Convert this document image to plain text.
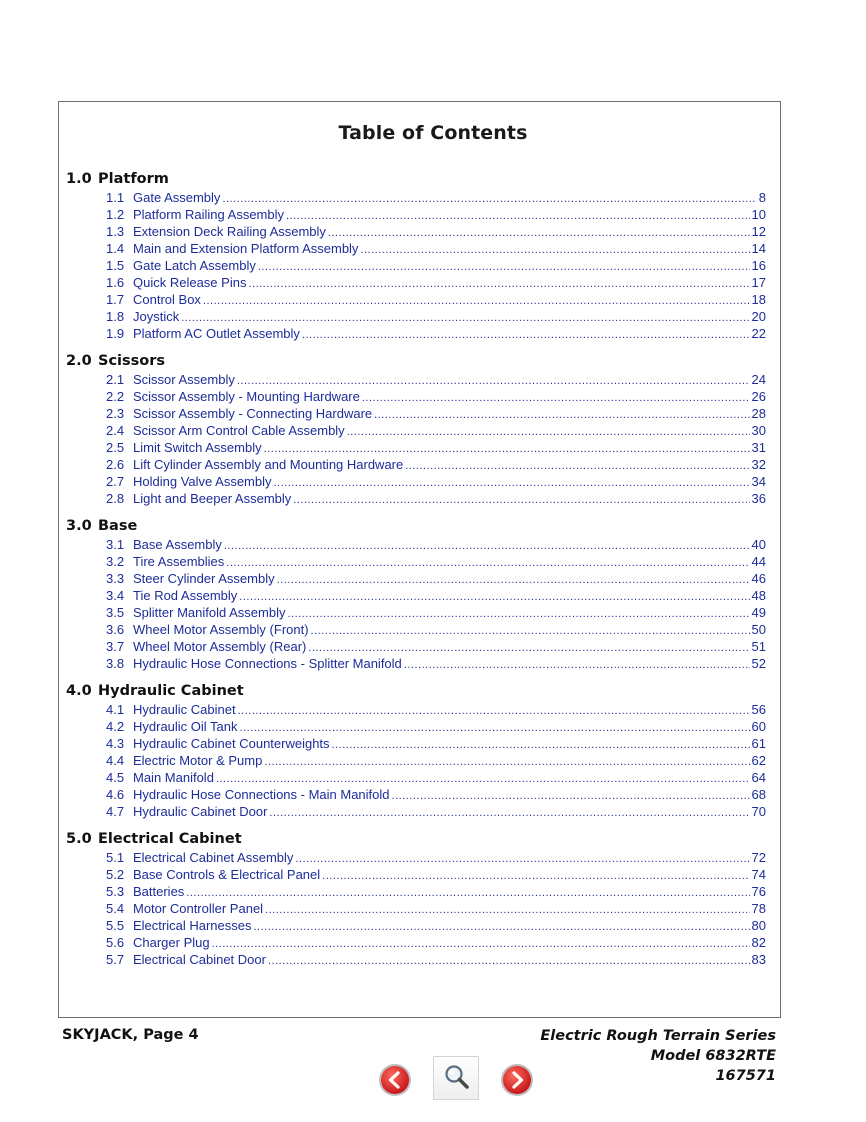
Table of Contents
1.0 Platform
1.1 Gate Assembly .....	8
1.2 Platform Railing Assembly .....	10
1.3 Extension Deck Railing Assembly .....	12
1.4 Main and Extension Platform Assembly .....	14
1.5 Gate Latch Assembly .....	16
1.6 Quick Release Pins .....	17
1.7 Control Box .....	18
1.8 Joystick .....	20
1.9 Platform AC Outlet Assembly .....	22
2.0 Scissors
2.1 Scissor Assembly .....	24
2.2 Scissor Assembly - Mounting Hardware .....	26
2.3 Scissor Assembly - Connecting Hardware .....	28
2.4 Scissor Arm Control Cable Assembly .....	30
2.5 Limit Switch Assembly .....	31
2.6 Lift Cylinder Assembly and Mounting Hardware .....	32
2.7 Holding Valve Assembly .....	34
2.8 Light and Beeper Assembly .....	36
3.0 Base
3.1 Base Assembly .....	40
3.2 Tire Assemblies .....	44
3.3 Steer Cylinder Assembly .....	46
3.4 Tie Rod Assembly .....	48
3.5 Splitter Manifold Assembly .....	49
3.6 Wheel Motor Assembly (Front) .....	50
3.7 Wheel Motor Assembly (Rear) .....	51
3.8 Hydraulic Hose Connections - Splitter Manifold .....	52
4.0 Hydraulic Cabinet
4.1 Hydraulic Cabinet .....	56
4.2 Hydraulic Oil Tank .....	60
4.3 Hydraulic Cabinet Counterweights .....	61
4.4 Electric Motor & Pump .....	62
4.5 Main Manifold .....	64
4.6 Hydraulic Hose Connections - Main Manifold .....	68
4.7 Hydraulic Cabinet Door .....	70
5.0 Electrical Cabinet
5.1 Electrical Cabinet Assembly .....	72
5.2 Base Controls & Electrical Panel .....	74
5.3 Batteries .....	76
5.4 Motor Controller Panel .....	78
5.5 Electrical Harnesses .....	80
5.6 Charger Plug .....	82
5.7 Electrical Cabinet Door .....	83
SKYJACK, Page 4	Electric Rough Terrain Series
Model 6832RTE
167571
